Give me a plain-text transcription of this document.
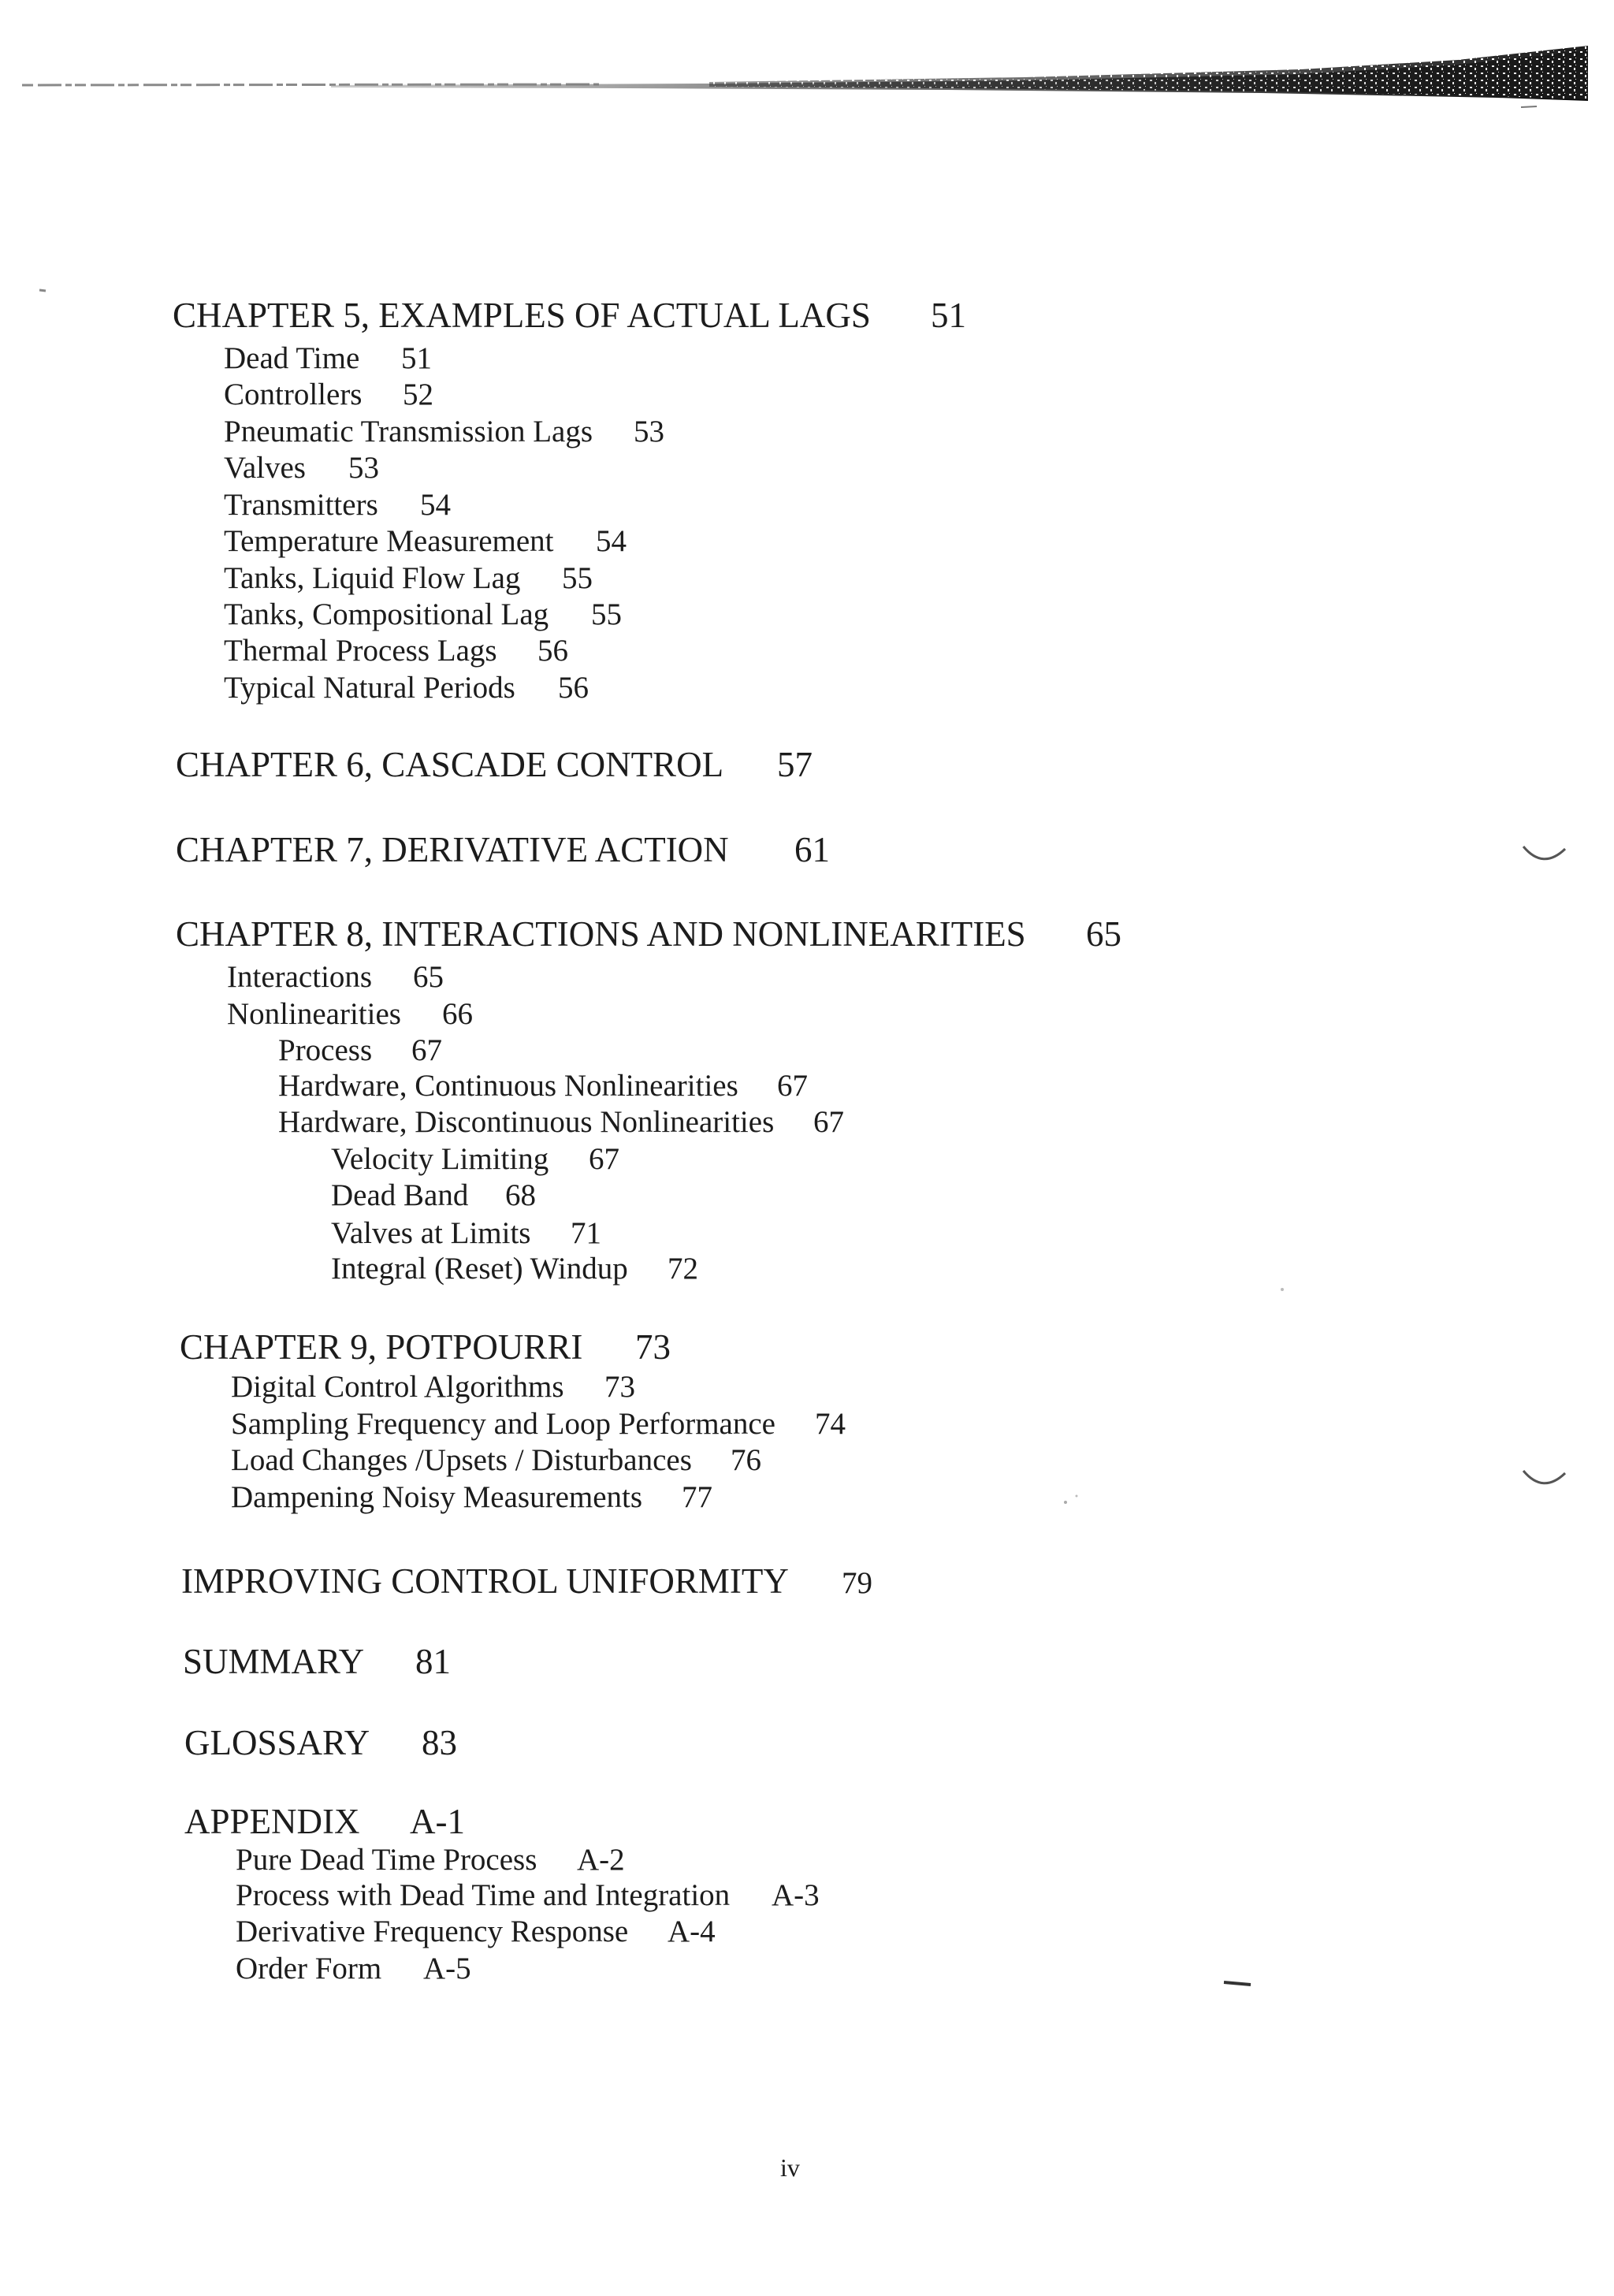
CHAPTER 5, EXAMPLES OF ACTUAL LAGS 51
Dead Time 51
Controllers 52
Pneumatic Transmission Lags 53
Valves 53
Transmitters 54
Temperature Measurement 54
Tanks, Liquid Flow Lag 55
Tanks, Compositional Lag 55
Thermal Process Lags 56
Typical Natural Periods 56
CHAPTER 6, CASCADE CONTROL 57
CHAPTER 7, DERIVATIVE ACTION 61
CHAPTER 8, INTERACTIONS AND NONLINEARITIES 65
Interactions 65
Nonlinearities 66
Process 67
Hardware, Continuous Nonlinearities 67
Hardware, Discontinuous Nonlinearities 67
Velocity Limiting 67
Dead Band 68
Valves at Limits 71
Integral (Reset) Windup 72
CHAPTER 9, POTPOURRI 73
Digital Control Algorithms 73
Sampling Frequency and Loop Performance 74
Load Changes /Upsets / Disturbances 76
Dampening Noisy Measurements 77
IMPROVING CONTROL UNIFORMITY 79
SUMMARY 81
GLOSSARY 83
APPENDIX A-1
Pure Dead Time Process A-2
Process with Dead Time and Integration A-3
Derivative Frequency Response A-4
Order Form A-5
iv
